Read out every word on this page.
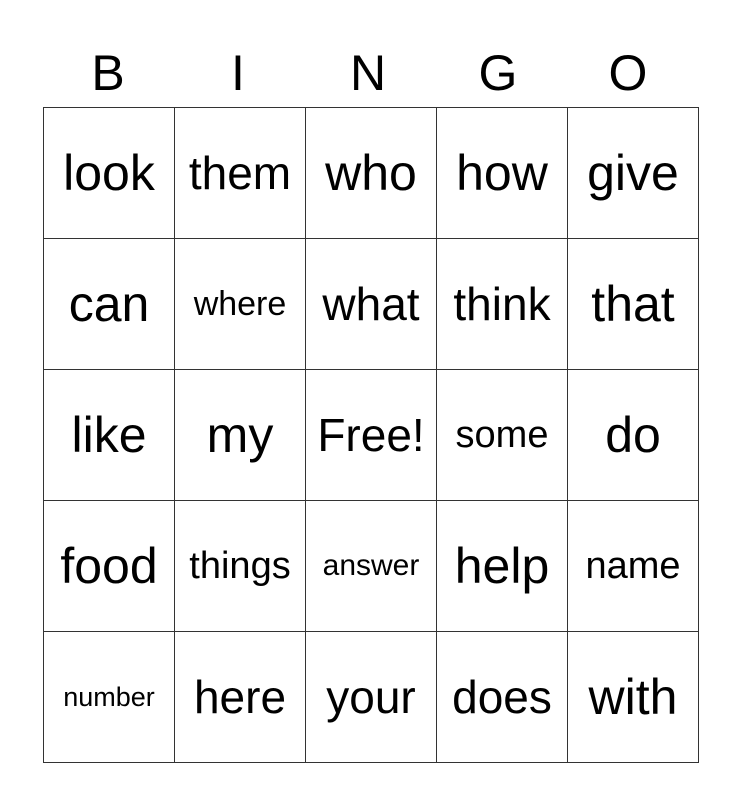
B	I	N	G	O
look	them	who	how	give
can	where	what	think	that
like	my	Free!	some	do
food	things	answer	help	name
number	here	your	does	with
